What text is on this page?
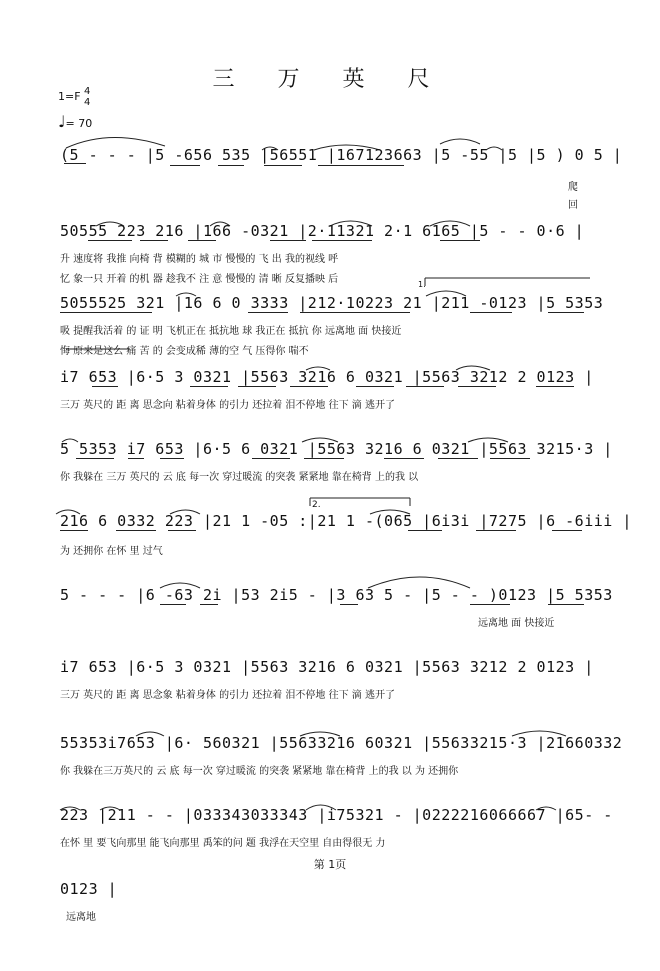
三 万 英 尺
1=F 4
4
♩= 70
(5 - - - |5 -656 535 |56551 |167123663 |5 -55 |5 |5 ) 0 5 |
50555 223 216 |166 -0321 |2·11321 2·1 6165 |5 - - 0·6 |
5055525 321 |16 6 0 3333 |212·10223 21 |211 -0123 |5 5353
i7 653 |6·5 3 0321 |5563 3216 6 0321 |5563 3212 2 0123 |
5 5353 i7 653 |6·5 6 0321 |5563 3216 6 0321 |5563 3215·3 |
216 6 0332 223 |21 1 -05 :|21 1 -(065 |6i3i |7275 |6 -6iii |
5 - - - |6 -63 2i |53 2i5 - |3 63 5 - |5 - - )0123 |5 5353
i7 653 |6·5 3 0321 |5563 3216 6 0321 |5563 3212 2 0123 |
55353i7653 |6· 560321 |55633216 60321 |55633215·3 |21660332
223 |211 - - |033343033343 |i75321 - |0222216066667 |65- -
0123 |
2.
1.
爬
回
升 速度将 我推 向椅 背 模糊的 城 市 慢慢的 飞 出 我的视线 呼
忆 象一只 开着 的机 器 趁我不 注 意 慢慢的 清 晰 反复播映 后
吸 提醒我活着 的 证 明 飞机正在 抵抗地 球 我正在 抵抗 你 远离地 面 快接近
悔 原来是这么 痛 苦 的 会变成稀 薄的空 气 压得你 喘不
三万 英尺的 距 离 思念向 粘着身体 的引力 还拉着 泪不停地 往下 滴 逃开了
你 我躲在 三万 英尺的 云 底 每一次 穿过暖流 的突袭 紧紧地 靠在椅背 上的我 以
为 还拥你 在怀 里 过气
远离地 面 快接近
三万 英尺的 距 离 思念象 粘着身体 的引力 还拉着 泪不停地 往下 滴 逃开了
你 我躲在三万英尺的 云 底 每一次 穿过暖流 的突袭 紧紧地 靠在椅背 上的我 以 为 还拥你
在怀 里 要飞向那里 能飞向那里 禹笨的问 题 我浮在天空里 自由得很无 力
远离地
第 1页
